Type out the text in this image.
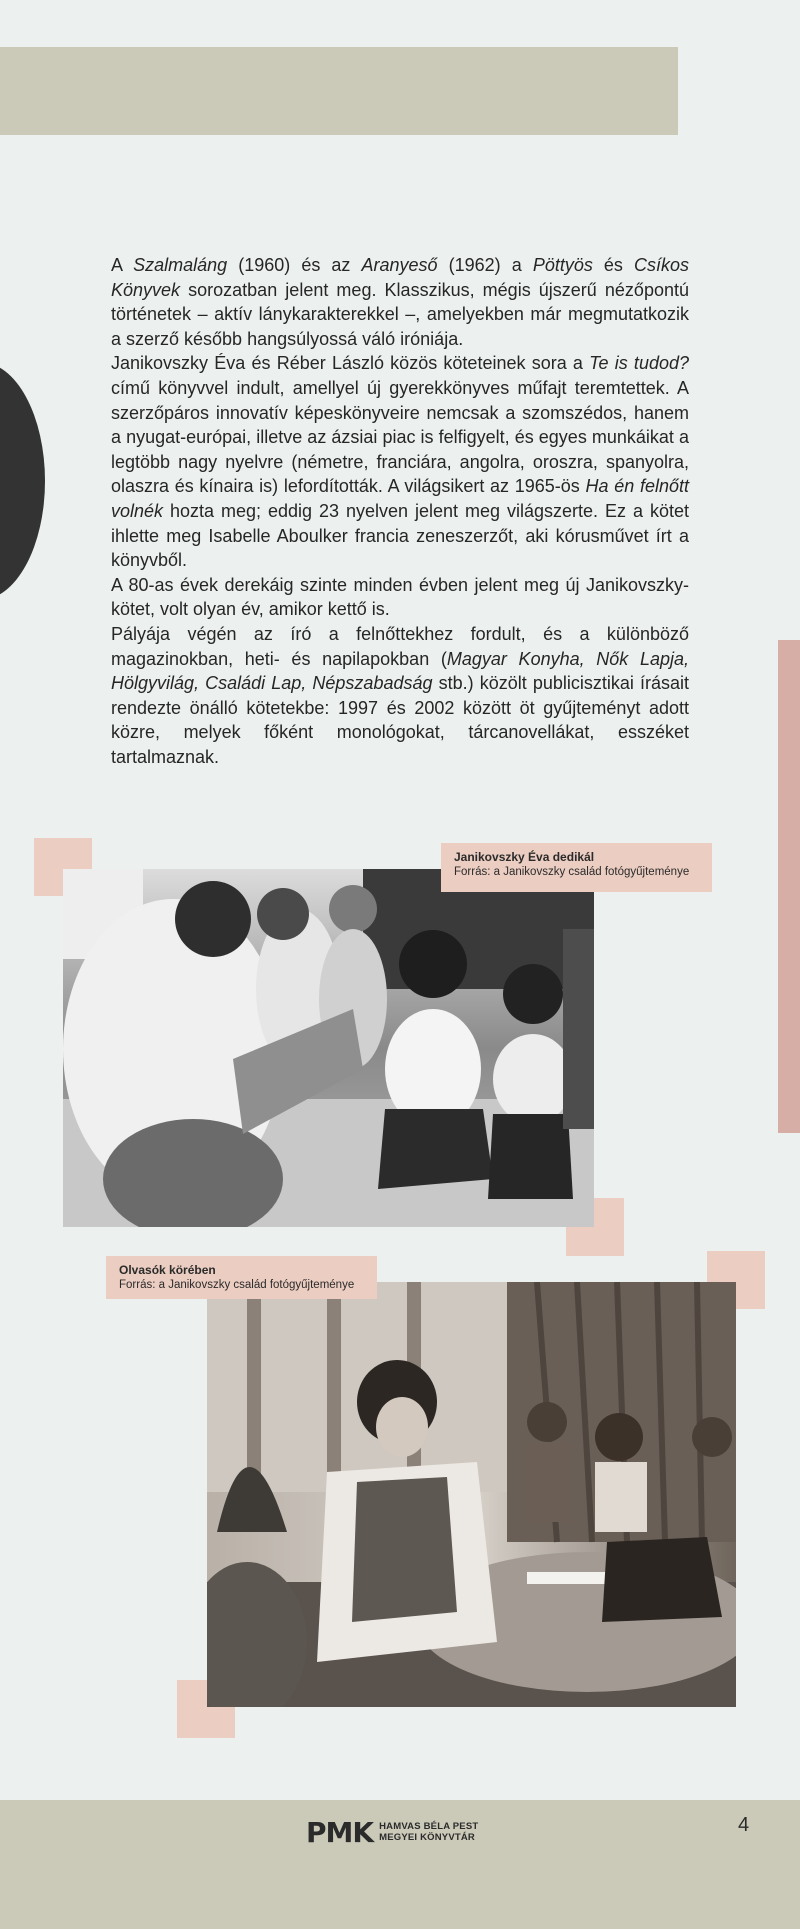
A Szalmaláng (1960) és az Aranyeső (1962) a Pöttyös és Csíkos Könyvek sorozatban jelent meg. Klasszikus, mégis újszerű nézőpontú történetek – aktív lánykarakterekkel –, amelyekben már megmutatkozik a szerző később hangsúlyossá váló iróniája.

Janikovszky Éva és Réber László közös köteteinek sora a Te is tudod? című könyvvel indult, amellyel új gyerekkönyves műfajt teremtettek. A szerzőpáros innovatív képeskönyveire nemcsak a szomszédos, hanem a nyugat-európai, illetve az ázsiai piac is felfigyelt, és egyes munkáikat a legtöbb nagy nyelvre (németre, franciára, angolra, oroszra, spanyolra, olaszra és kínaira is) lefordították. A világsikert az 1965-ös Ha én felnőtt volnék hozta meg; eddig 23 nyelven jelent meg világszerte. Ez a kötet ihlette meg Isabelle Aboulker francia zeneszerzőt, aki kórusművet írt a könyvből.

A 80-as évek derekáig szinte minden évben jelent meg új Janikovszky-kötet, volt olyan év, amikor kettő is.

Pályája végén az író a felnőttekhez fordult, és a különböző magazinokban, heti- és napilapokban (Magyar Konyha, Nők Lapja, Hölgyvilág, Családi Lap, Népszabadság stb.) közölt publicisztikai írásait rendezte önálló kötetekbe: 1997 és 2002 között öt gyűjteményt adott közre, melyek főként monológokat, tárcanovellákat, esszéket tartalmaznak.

Janikovszky Éva dedikál
Forrás: a Janikovszky család fotógyűjteménye
Olvasók körében
Forrás: a Janikovszky család fotógyűjteménye
PMK HAMVAS BÉLA PEST
MEGYEI KÖNYVTÁR
4
